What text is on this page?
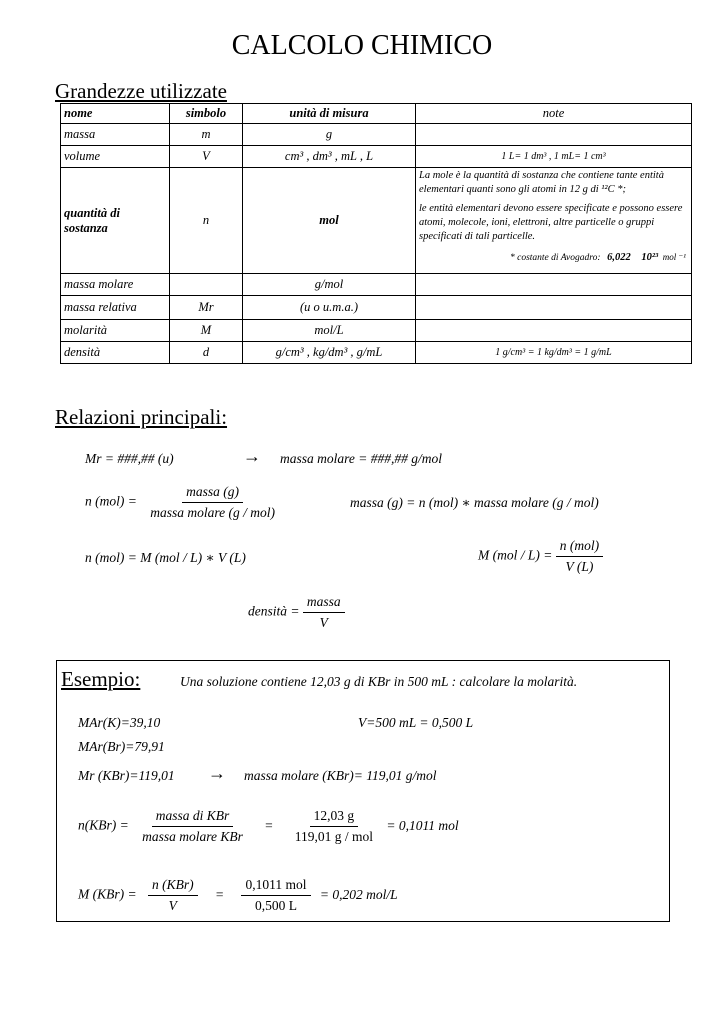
CALCOLO CHIMICO
Grandezze utilizzate
nome	simbolo	unità di misura	note
massa	m	g	
volume	V	cm³ , dm³ , mL , L	1 L= 1 dm³ , 1 mL= 1 cm³
quantità di sostanza	n	mol	La mole è la quantità di sostanza che contiene tante entità elementari quanti sono gli atomi in 12 g di ¹²C *;
le entità elementari devono essere specificate e possono essere atomi, molecole, ioni, elettroni, altre particelle o gruppi specificati di tali particelle.
* costante di Avogadro: 6,022 10²³ mol ⁻¹

massa molare		g/mol	
massa relativa	Mr	(u o u.m.a.)	
molarità	M	mol/L	
densità	d	g/cm³ , kg/dm³ , g/mL	1 g/cm³ = 1 kg/dm³ = 1 g/mL
Relazioni principali:
Mr = ###,## (u)	→ massa molare = ###,## g/mol
n $(mol) = \frac{\text{massa (g)}}{\text{massa molare (g / mol)}}$	massa (g) = n (mol) ∗ massa molare (g / mol)
n (mol) = M (mol / L) ∗ V (L)	M $(mol / L) = \frac{\text{n (mol)}}{V (L)}$
densità = $\frac{\text{massa}}{V}$
Esempio:	Una soluzione contiene 12,03 g di KBr in 500 mL : calcolare la molarità.
MAr(K)=39,10	V=500 mL = 0,500 L
MAr(Br)=79,91
Mr (KBr)=119,01 → massa molare (KBr)= 119,01 g/mol
$n(KBr) = \frac{\text{massa di KBr}}{\text{massa molare KBr}} = \frac{12,03 g}{\text{119,01 g / mol}} = 0,1011$ mol
M $(KBr) = \frac{\text{n (KBr)}}{V} = \frac{\text{0,1011 mol}}{0,500 L} = 0,202$ mol/L
